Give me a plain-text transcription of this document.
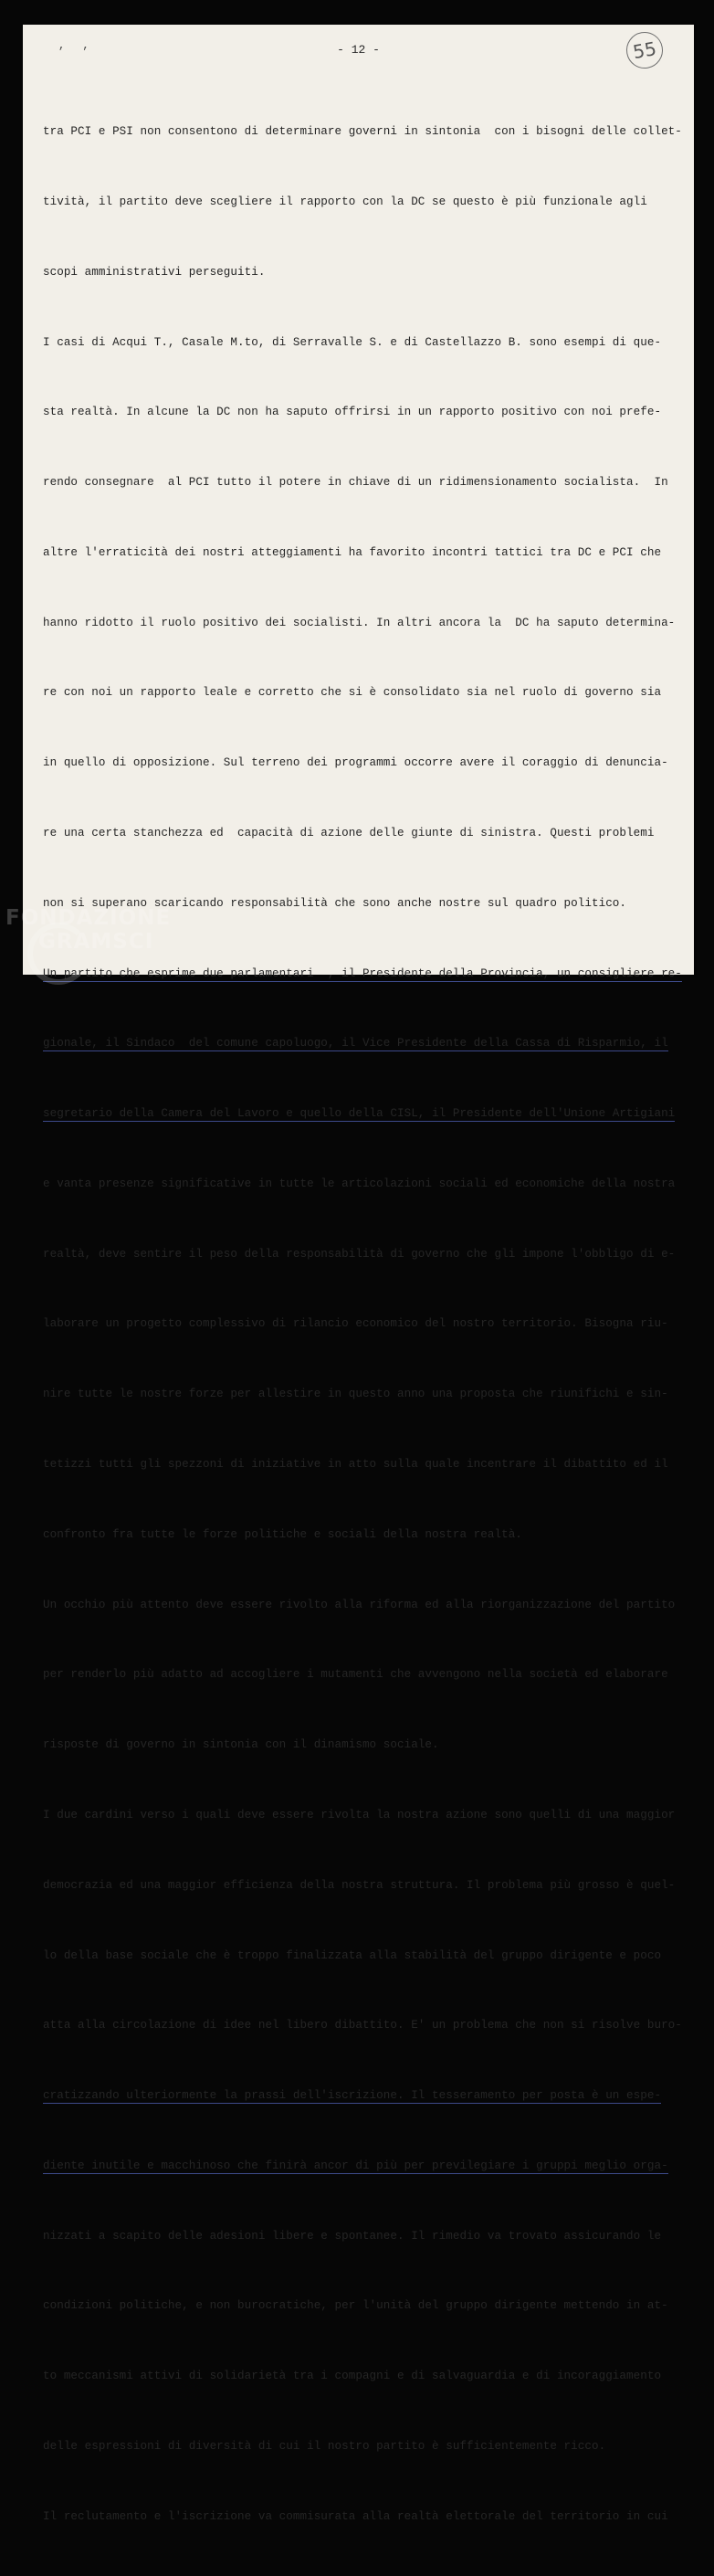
, ,	- 12 -	55

tra PCI e PSI non consentono di determinare governi in sintonia  con i bisogni delle collet-

tività, il partito deve scegliere il rapporto con la DC se questo è più funzionale agli

scopi amministrativi perseguiti.

I casi di Acqui T., Casale M.to, di Serravalle S. e di Castellazzo B. sono esempi di que-

sta realtà. In alcune la DC non ha saputo offrirsi in un rapporto positivo con noi prefe-

rendo consegnare  al PCI tutto il potere in chiave di un ridimensionamento socialista.  In

altre l'erraticità dei nostri atteggiamenti ha favorito incontri tattici tra DC e PCI che

hanno ridotto il ruolo positivo dei socialisti. In altri ancora la  DC ha saputo determina-

re con noi un rapporto leale e corretto che si è consolidato sia nel ruolo di governo sia

in quello di opposizione. Sul terreno dei programmi occorre avere il coraggio di denuncia-

re una certa stanchezza ed  capacità di azione delle giunte di sinistra. Questi problemi

non si superano scaricando responsabilità che sono anche nostre sul quadro politico.

Un partito che esprime due parlamentari  , il Presidente della Provincia, un consigliere re-

gionale, il Sindaco  del comune capoluogo, il Vice Presidente della Cassa di Risparmio, il

segretario della Camera del Lavoro e quello della CISL, il Presidente dell'Unione Artigiani

e vanta presenze significative in tutte le articolazioni sociali ed economiche della nostra

realtà, deve sentire il peso della responsabilità di governo che gli impone l'obbligo di e-

laborare un progetto complessivo di rilancio economico del nostro territorio. Bisogna riu-

nire tutte le nostre forze per allestire in questo anno una proposta che riunifichi e sin-

tetizzi tutti gli spezzoni di iniziative in atto sulla quale incentrare il dibattito ed il

confronto fra tutte le forze politiche e sociali della nostra realtà.

Un occhio più attento deve essere rivolto alla riforma ed alla riorganizzazione del partito

per renderlo più adatto ad accogliere i mutamenti che avvengono nella società ed elaborare

risposte di governo in sintonia con il dinamismo sociale.

I due cardini verso i quali deve essere rivolta la nostra azione sono quelli di una maggior

democrazia ed una maggior efficienza della nostra struttura. Il problema più grosso è quel-

lo della base sociale che è troppo finalizzata alla stabilità del gruppo dirigente e poco

atta alla circolazione di idee nel libero dibattito. E' un problema che non si risolve buro-

cratizzando ulteriormente la prassi dell'iscrizione. Il tesseramento per posta è un espe-

diente inutile e macchinoso che finirà ancor di più per previlegiare i gruppi meglio orga-

nizzati a scapito delle adesioni libere e spontanee. Il rimedio va trovato assicurando le

condizioni politiche, e non burocratiche, per l'unità del gruppo dirigente mettendo in at-

to meccanismi attivi di solidarietà tra i compagni e di salvaguardia e di incoraggiamento

delle espressioni di diversità di cui il nostro partito è sufficientemente ricco.

Il reclutamento e l'iscrizione va commisurata alla realtà elettorale del territorio in cui

FONDAZIONE
GRAMSCI
